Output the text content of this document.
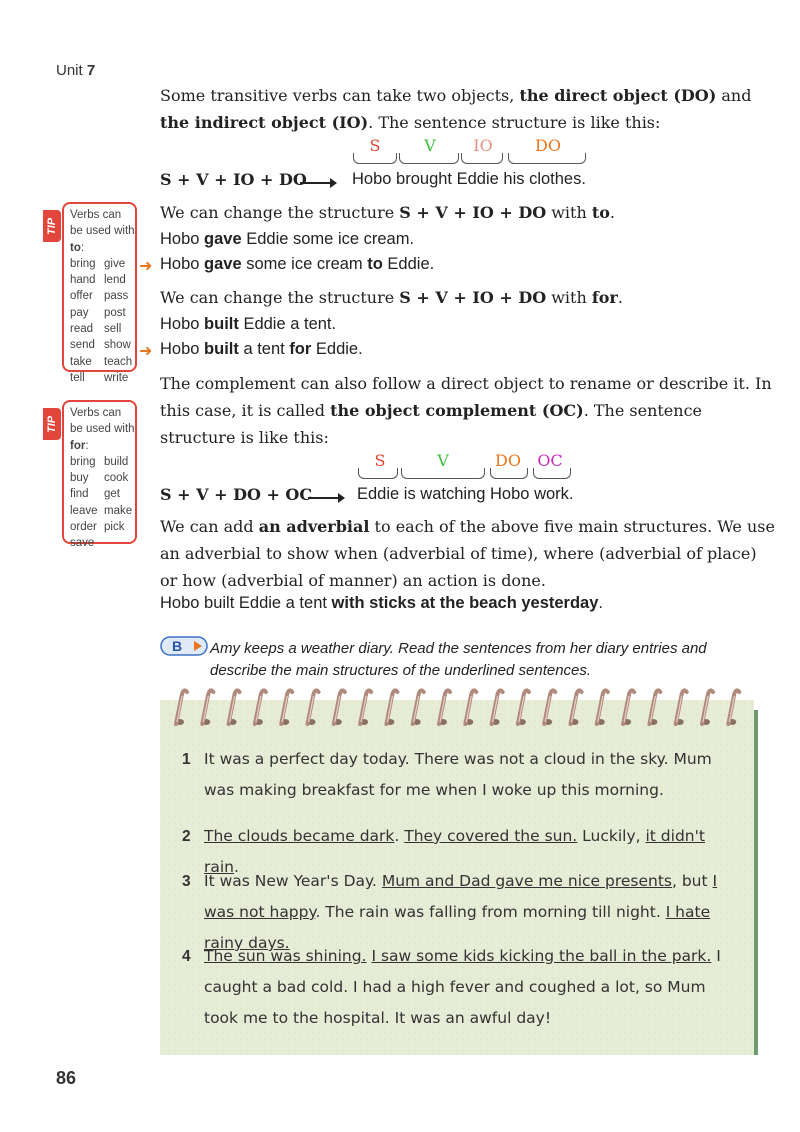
Unit 7
Some transitive verbs can take two objects, the direct object (DO) and the indirect object (IO). The sentence structure is like this:
S	V	IO	DO
S + V + IO + DO	Hobo brought Eddie his clothes.
We can change the structure S + V + IO + DO with to.
Hobo gave Eddie some ice cream.
➜ Hobo gave some ice cream to Eddie.
We can change the structure S + V + IO + DO with for.
Hobo built Eddie a tent.
➜ Hobo built a tent for Eddie.
The complement can also follow a direct object to rename or describe it. In this case, it is called the object complement (OC). The sentence structure is like this:
S	V	DO	OC
S + V + DO + OC	Eddie is watching Hobo work.
We can add an adverbial to each of the above five main structures. We use an adverbial to show when (adverbial of time), where (adverbial of place) or how (adverbial of manner) an action is done.
Hobo built Eddie a tent with sticks at the beach yesterday.
TIP
Verbs can be used with to:
bring give
hand lend
offer pass
pay	post
read sell
send show
take	teach
tell	write
TIP
Verbs can be used with for:
bring build
buy	cook
find	get
leave make
order pick
save
B Amy keeps a weather diary. Read the sentences from her diary entries and describe the main structures of the underlined sentences.
1 It was a perfect day today. There was not a cloud in the sky. Mum was making breakfast for me when I woke up this morning.
2 The clouds became dark. They covered the sun. Luckily, it didn't rain.
3 It was New Year's Day. Mum and Dad gave me nice presents, but I was not happy. The rain was falling from morning till night. I hate rainy days.
4 The sun was shining. I saw some kids kicking the ball in the park. I caught a bad cold. I had a high fever and coughed a lot, so Mum took me to the hospital. It was an awful day!
86
